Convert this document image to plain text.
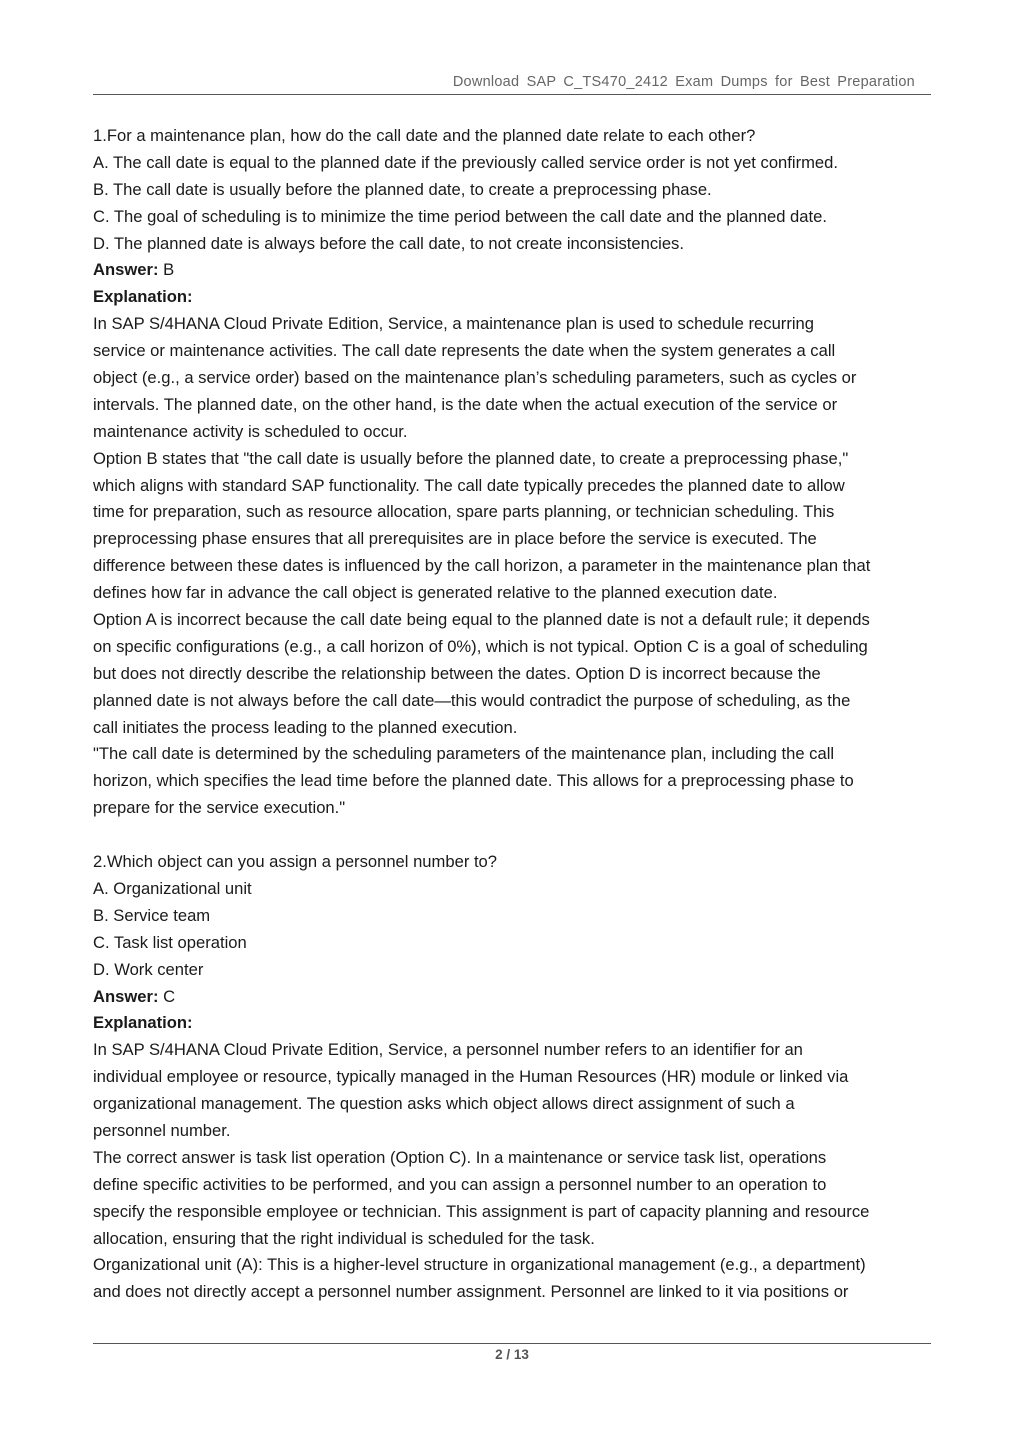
Download SAP C_TS470_2412 Exam Dumps for Best Preparation
1.For a maintenance plan, how do the call date and the planned date relate to each other?
A. The call date is equal to the planned date if the previously called service order is not yet confirmed.
B. The call date is usually before the planned date, to create a preprocessing phase.
C. The goal of scheduling is to minimize the time period between the call date and the planned date.
D. The planned date is always before the call date, to not create inconsistencies.
Answer: B
Explanation:
In SAP S/4HANA Cloud Private Edition, Service, a maintenance plan is used to schedule recurring
service or maintenance activities. The call date represents the date when the system generates a call
object (e.g., a service order) based on the maintenance plan’s scheduling parameters, such as cycles or
intervals. The planned date, on the other hand, is the date when the actual execution of the service or
maintenance activity is scheduled to occur.
Option B states that "the call date is usually before the planned date, to create a preprocessing phase,"
which aligns with standard SAP functionality. The call date typically precedes the planned date to allow
time for preparation, such as resource allocation, spare parts planning, or technician scheduling. This
preprocessing phase ensures that all prerequisites are in place before the service is executed. The
difference between these dates is influenced by the call horizon, a parameter in the maintenance plan that
defines how far in advance the call object is generated relative to the planned execution date.
Option A is incorrect because the call date being equal to the planned date is not a default rule; it depends
on specific configurations (e.g., a call horizon of 0%), which is not typical. Option C is a goal of scheduling
but does not directly describe the relationship between the dates. Option D is incorrect because the
planned date is not always before the call date—this would contradict the purpose of scheduling, as the
call initiates the process leading to the planned execution.
"The call date is determined by the scheduling parameters of the maintenance plan, including the call
horizon, which specifies the lead time before the planned date. This allows for a preprocessing phase to
prepare for the service execution."
2.Which object can you assign a personnel number to?
A. Organizational unit
B. Service team
C. Task list operation
D. Work center
Answer: C
Explanation:
In SAP S/4HANA Cloud Private Edition, Service, a personnel number refers to an identifier for an
individual employee or resource, typically managed in the Human Resources (HR) module or linked via
organizational management. The question asks which object allows direct assignment of such a
personnel number.
The correct answer is task list operation (Option C). In a maintenance or service task list, operations
define specific activities to be performed, and you can assign a personnel number to an operation to
specify the responsible employee or technician. This assignment is part of capacity planning and resource
allocation, ensuring that the right individual is scheduled for the task.
Organizational unit (A): This is a higher-level structure in organizational management (e.g., a department)
and does not directly accept a personnel number assignment. Personnel are linked to it via positions or
2 / 13
